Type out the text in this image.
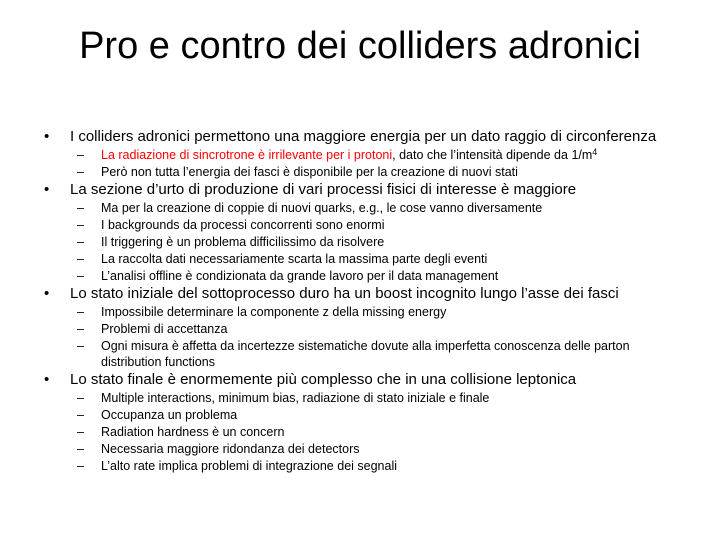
Pro e contro dei colliders adronici
• I colliders adronici permettono una maggiore energia per un dato raggio di circonferenza
– La radiazione di sincrotrone è irrilevante per i protoni, dato che l’intensità dipende da $1/m^4$
– Però non tutta l’energia dei fasci è disponibile per la creazione di nuovi stati
• La sezione d’urto di produzione di vari processi fisici di interesse è maggiore
– Ma per la creazione di coppie di nuovi quarks, e.g., le cose vanno diversamente
– I backgrounds da processi concorrenti sono enormi
– Il triggering è un problema difficilissimo da risolvere
– La raccolta dati necessariamente scarta la massima parte degli eventi
– L’analisi offline è condizionata da grande lavoro per il data management
• Lo stato iniziale del sottoprocesso duro ha un boost incognito lungo l’asse dei fasci
– Impossibile determinare la componente z della missing energy
– Problemi di accettanza
– Ogni misura è affetta da incertezze sistematiche dovute alla imperfetta conoscenza delle parton distribution functions
• Lo stato finale è enormemente più complesso che in una collisione leptonica
– Multiple interactions, minimum bias, radiazione di stato iniziale e finale
– Occupanza un problema
– Radiation hardness è un concern
– Necessaria maggiore ridondanza dei detectors
– L’alto rate implica problemi di integrazione dei segnali
